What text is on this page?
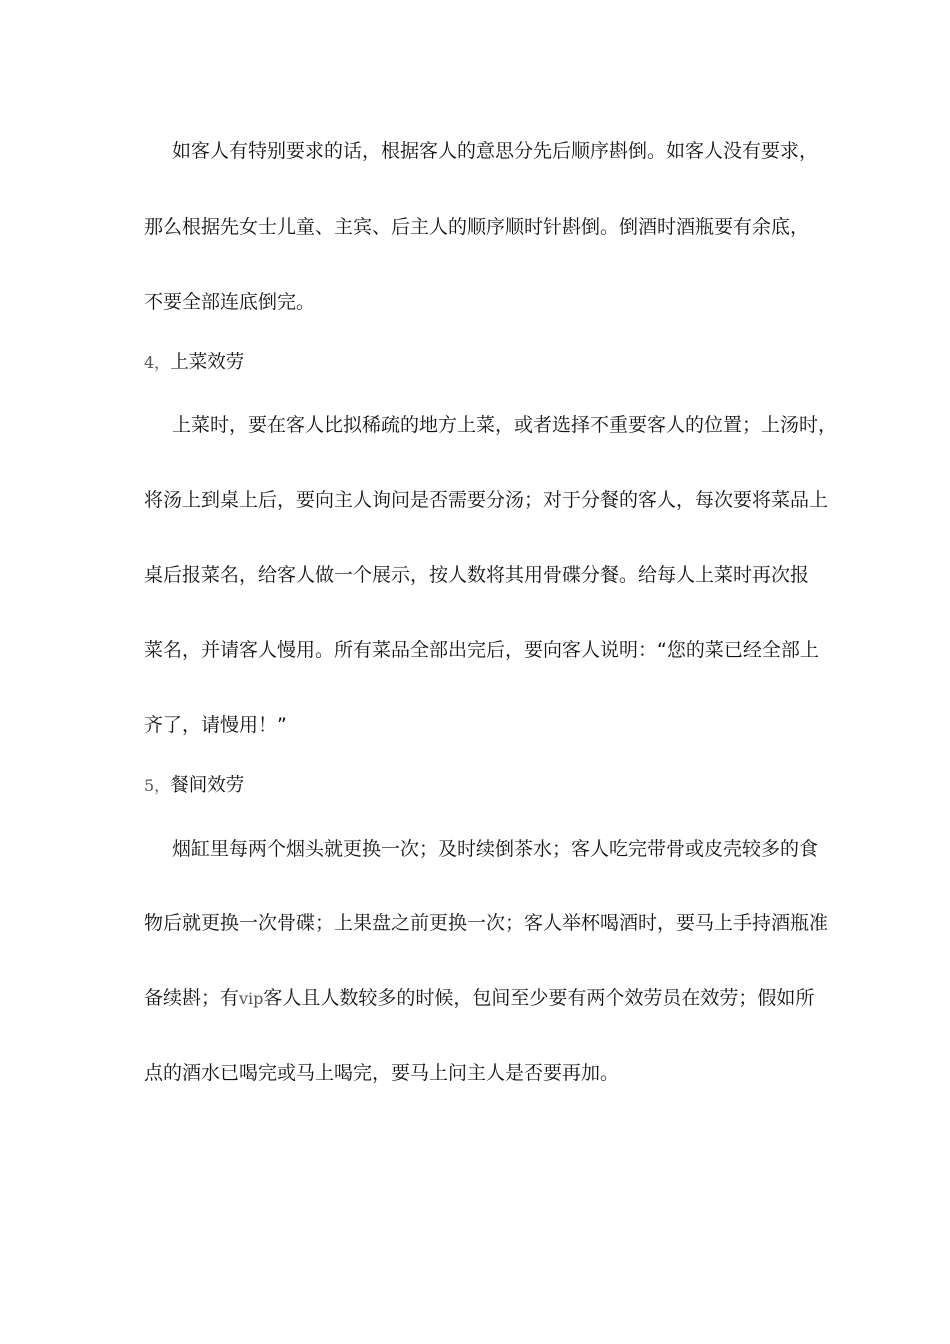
如客人有特别要求的话，根据客人的意思分先后顺序斟倒。如客人没有要求，
那么根据先女士儿童、主宾、后主人的顺序顺时针斟倒。倒酒时酒瓶要有余底，
不要全部连底倒完。
4，上菜效劳
上菜时，要在客人比拟稀疏的地方上菜，或者选择不重要客人的位置；上汤时，
将汤上到桌上后，要向主人询问是否需要分汤；对于分餐的客人，每次要将菜品上
桌后报菜名，给客人做一个展示，按人数将其用骨碟分餐。给每人上菜时再次报
菜名，并请客人慢用。所有菜品全部出完后，要向客人说明：“您的菜已经全部上
齐了，请慢用！”
5，餐间效劳
烟缸里每两个烟头就更换一次；及时续倒茶水；客人吃完带骨或皮壳较多的食
物后就更换一次骨碟；上果盘之前更换一次；客人举杯喝酒时，要马上手持酒瓶准
备续斟；有vip客人且人数较多的时候，包间至少要有两个效劳员在效劳；假如所
点的酒水已喝完或马上喝完，要马上问主人是否要再加。
